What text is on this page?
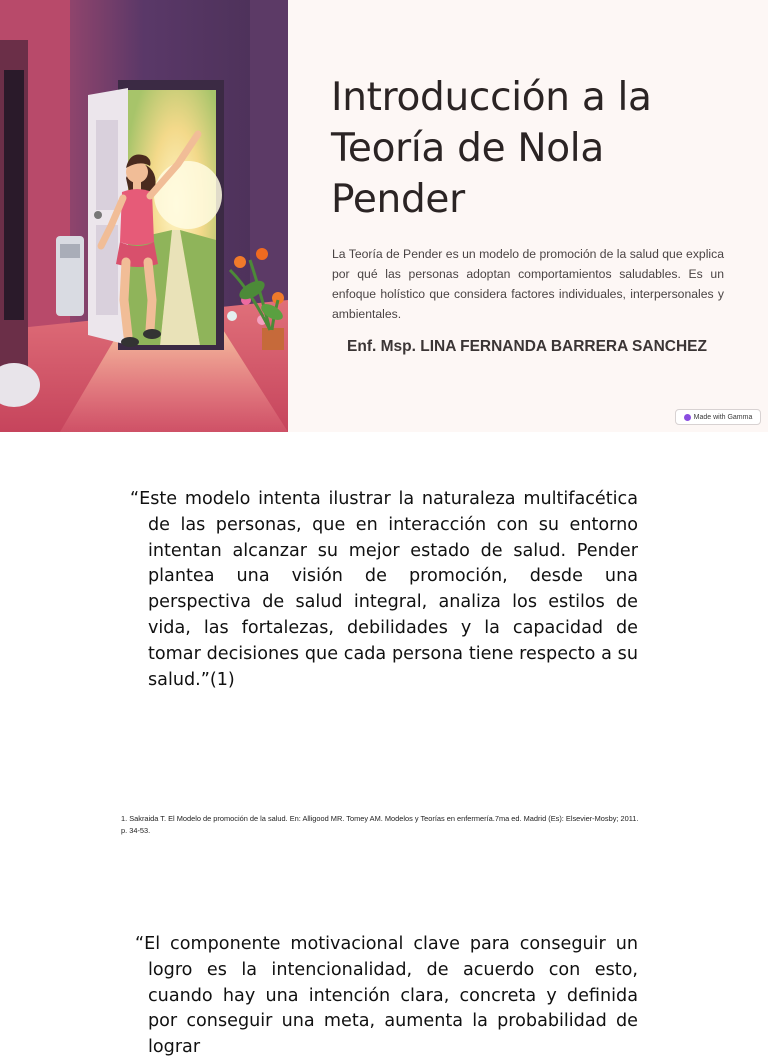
Introducción a la Teoría de Nola Pender

La Teoría de Pender es un modelo de promoción de la salud que explica por qué las personas adoptan comportamientos saludables. Es un enfoque holístico que considera factores individuales, interpersonales y ambientales.

Enf. Msp. LINA FERNANDA BARRERA SANCHEZ

Made with Gamma

“Este modelo intenta ilustrar la naturaleza multifacética de las personas, que en interacción con su entorno intentan alcanzar su mejor estado de salud. Pender plantea una visión de promoción, desde una perspectiva de salud integral, analiza los estilos de vida, las fortalezas, debilidades y la capacidad de tomar decisiones que cada persona tiene respecto a su salud.”(1)

1. Sakraida T. El Modelo de promoción de la salud. En: Alligood MR. Tomey AM. Modelos y Teorías en enfermería.7ma ed. Madrid (Es): Elsevier-Mosby; 2011. p. 34-53.

“El componente motivacional clave para conseguir un logro es la intencionalidad, de acuerdo con esto, cuando hay una intención clara, concreta y definida por conseguir una meta, aumenta la probabilidad de lograr
